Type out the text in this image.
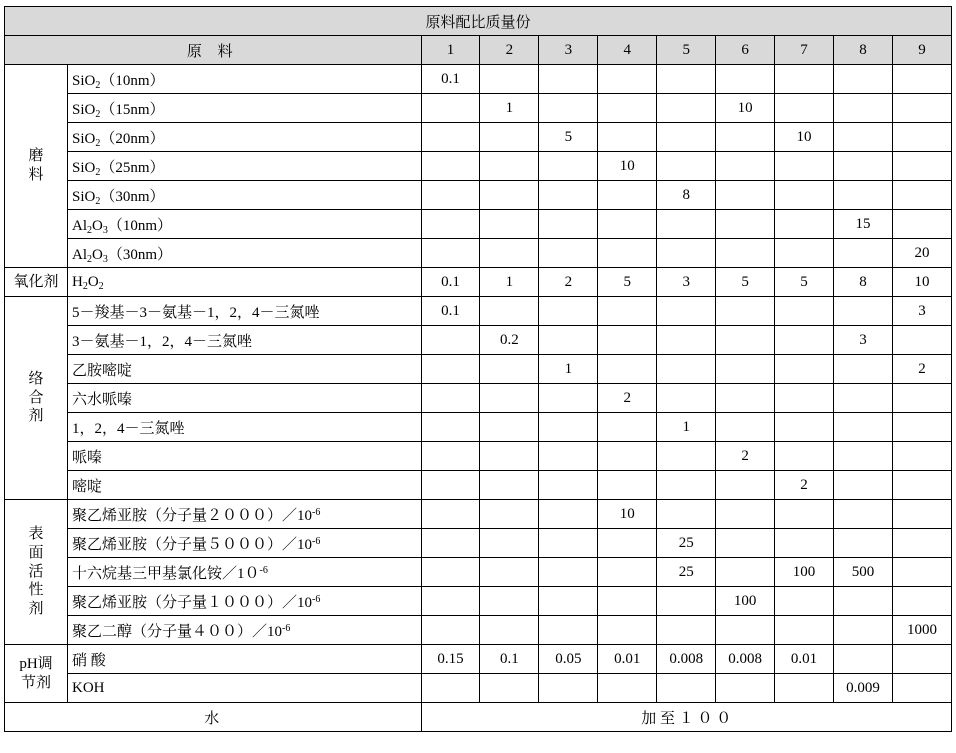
原料配比质量份										
原 料		1	2	3	4	5	6	7	8	9

磨
料	SiO$_2$（10nm）	0.1								
	SiO$_2$（15nm）		1				10			
	SiO$_2$（20nm）			5				10		
	SiO$_2$（25nm）				10					
	SiO$_2$（30nm）					8				
	$Al_2O_3(10nm)$								15	
	$Al_2O_3(30nm)$									20

氧化剂	$H_2O_2$	0.1	1	2	5	3	5	5	8	10

络
合
剂	5－羧基－3－氨基－1，2，4－三氮唑	0.1								3
	3－氨基－1，2，4－三氮唑		0.2						3	
	乙胺嘧啶			1						2
	六水哌嗪				2					
	1，2，4－三氮唑					1				
	哌嗪						2			
	嘧啶							2		

表
面
活
性
剂	聚乙烯亚胺（分子量$2000)/10^{-6}$				10					
	聚乙烯亚胺（分子量$5000)/10^{-6}$					25				
	十六烷基三甲基氯化铵$/10^{-6}$					25		100	500	
	聚乙烯亚胺（分子量$1000)/10^{-6}$						100			
	聚乙二醇（分子量$400)/10^{-6}$									1000

pH调
节剂	硝 酸	0.15	0.1	0.05	0.01	0.008	0.008	0.01		
	KOH								0.009	
水		加 至 １ ０ ０								
